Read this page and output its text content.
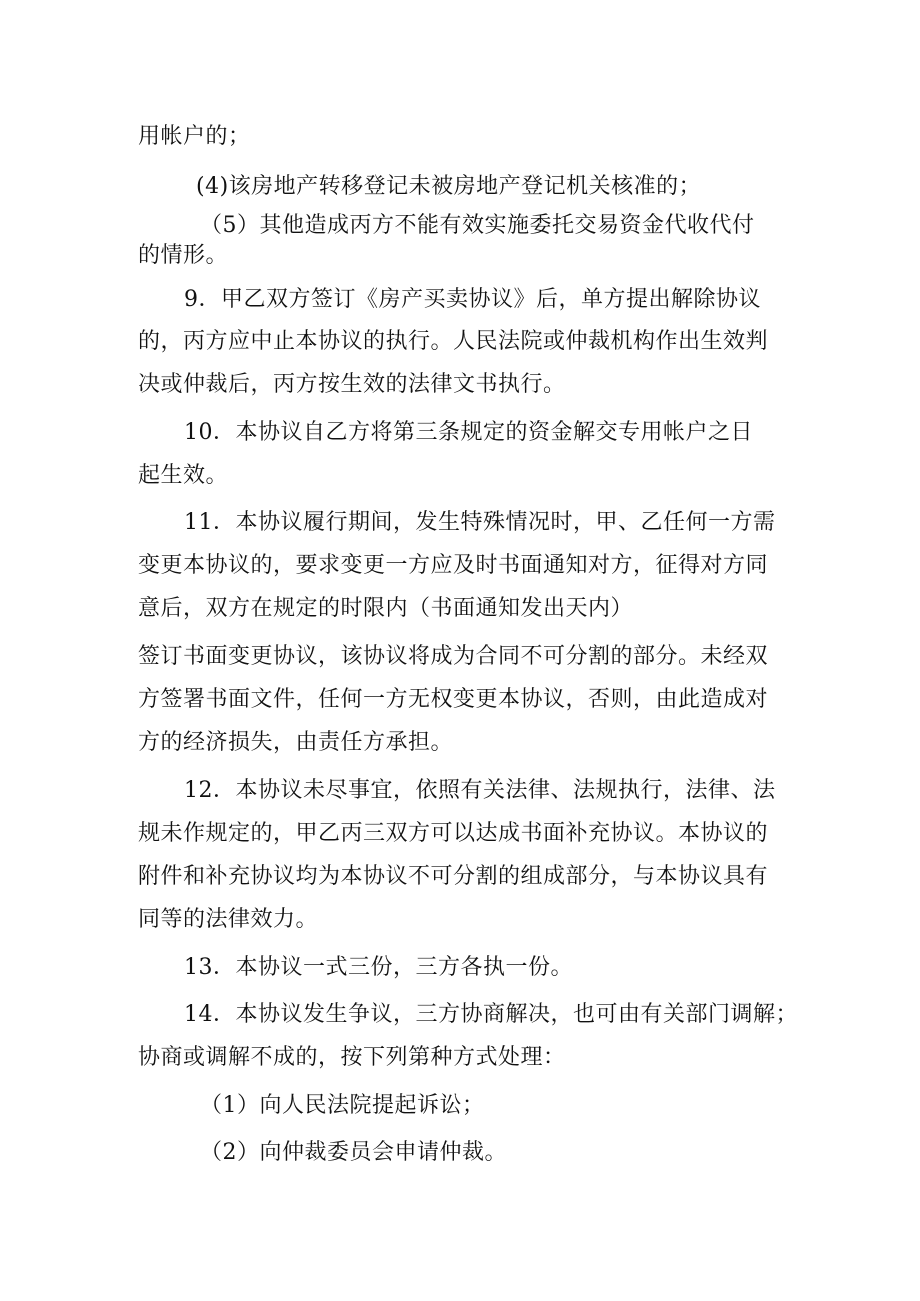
用帐户的；
(4)该房地产转移登记未被房地产登记机关核准的；
（5）其他造成丙方不能有效实施委托交易资金代收代付
的情形。
9．甲乙双方签订《房产买卖协议》后，单方提出解除协议
的，丙方应中止本协议的执行。人民法院或仲裁机构作出生效判
决或仲裁后，丙方按生效的法律文书执行。
10．本协议自乙方将第三条规定的资金解交专用帐户之日
起生效。
11．本协议履行期间，发生特殊情况时，甲、乙任何一方需
变更本协议的，要求变更一方应及时书面通知对方，征得对方同
意后，双方在规定的时限内（书面通知发出天内）
签订书面变更协议，该协议将成为合同不可分割的部分。未经双
方签署书面文件，任何一方无权变更本协议，否则，由此造成对
方的经济损失，由责任方承担。
12．本协议未尽事宜，依照有关法律、法规执行，法律、法
规未作规定的，甲乙丙三双方可以达成书面补充协议。本协议的
附件和补充协议均为本协议不可分割的组成部分，与本协议具有
同等的法律效力。
13．本协议一式三份，三方各执一份。
14．本协议发生争议，三方协商解决，也可由有关部门调解；
协商或调解不成的，按下列第种方式处理：
（1）向人民法院提起诉讼；
（2）向仲裁委员会申请仲裁。
